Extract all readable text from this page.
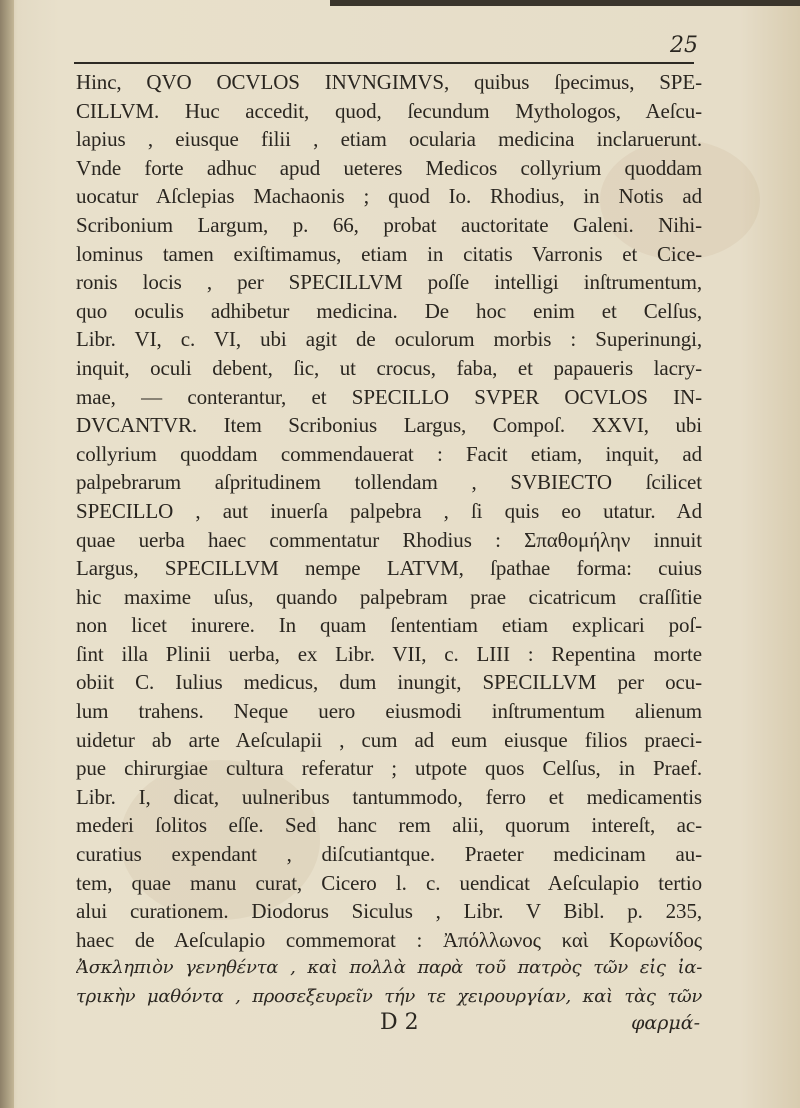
25
Hinc, QVO OCVLOS INVNGIMVS, quibus ſpecimus, SPE-
CILLVM. Huc accedit, quod, ſecundum Mythologos, Aeſcu-
lapius , eiusque filii , etiam ocularia medicina inclaruerunt.
Vnde forte adhuc apud ueteres Medicos collyrium quoddam
uocatur Aſclepias Machaonis ; quod Io. Rhodius, in Notis ad
Scribonium Largum, p. 66, probat auctoritate Galeni. Nihi-
lominus tamen exiſtimamus, etiam in citatis Varronis et Cice-
ronis locis , per SPECILLVM poſſe intelligi inſtrumentum,
quo oculis adhibetur medicina. De hoc enim et Celſus,
Libr. VI, c. VI, ubi agit de oculorum morbis : Superinungi,
inquit, oculi debent, ſic, ut crocus, faba, et papaueris lacry-
mae, — conterantur, et SPECILLO SVPER OCVLOS IN-
DVCANTVR. Item Scribonius Largus, Compoſ. XXVI, ubi
collyrium quoddam commendauerat : Facit etiam, inquit, ad
palpebrarum aſpritudinem tollendam , SVBIECTO ſcilicet
SPECILLO , aut inuerſa palpebra , ſi quis eo utatur. Ad
quae uerba haec commentatur Rhodius : Σπαθομήλην innuit
Largus, SPECILLVM nempe LATVM, ſpathae forma: cuius
hic maxime uſus, quando palpebram prae cicatricum craſſitie
non licet inurere. In quam ſententiam etiam explicari poſ-
ſint illa Plinii uerba, ex Libr. VII, c. LIII : Repentina morte
obiit C. Iulius medicus, dum inungit, SPECILLVM per ocu-
lum trahens. Neque uero eiusmodi inſtrumentum alienum
uidetur ab arte Aeſculapii , cum ad eum eiusque filios praeci-
pue chirurgiae cultura referatur ; utpote quos Celſus, in Praef.
Libr. I, dicat, uulneribus tantummodo, ferro et medicamentis
mederi ſolitos eſſe. Sed hanc rem alii, quorum intereſt, ac-
curatius expendant , diſcutiantque. Praeter medicinam au-
tem, quae manu curat, Cicero l. c. uendicat Aeſculapio tertio
alui curationem. Diodorus Siculus , Libr. V Bibl. p. 235,
haec de Aeſculapio commemorat : Ἀπόλλωνος καὶ Κορωνίδος
Ἀσκληπιὸν γενηθέντα , καὶ πολλὰ παρὰ τοῦ πατρὸς τῶν εἰς ἰα-
τρικὴν μαθόντα , προσεξευρεῖν τήν τε χειρουργίαν, καὶ τὰς τῶν
D 2	φαρμά-
